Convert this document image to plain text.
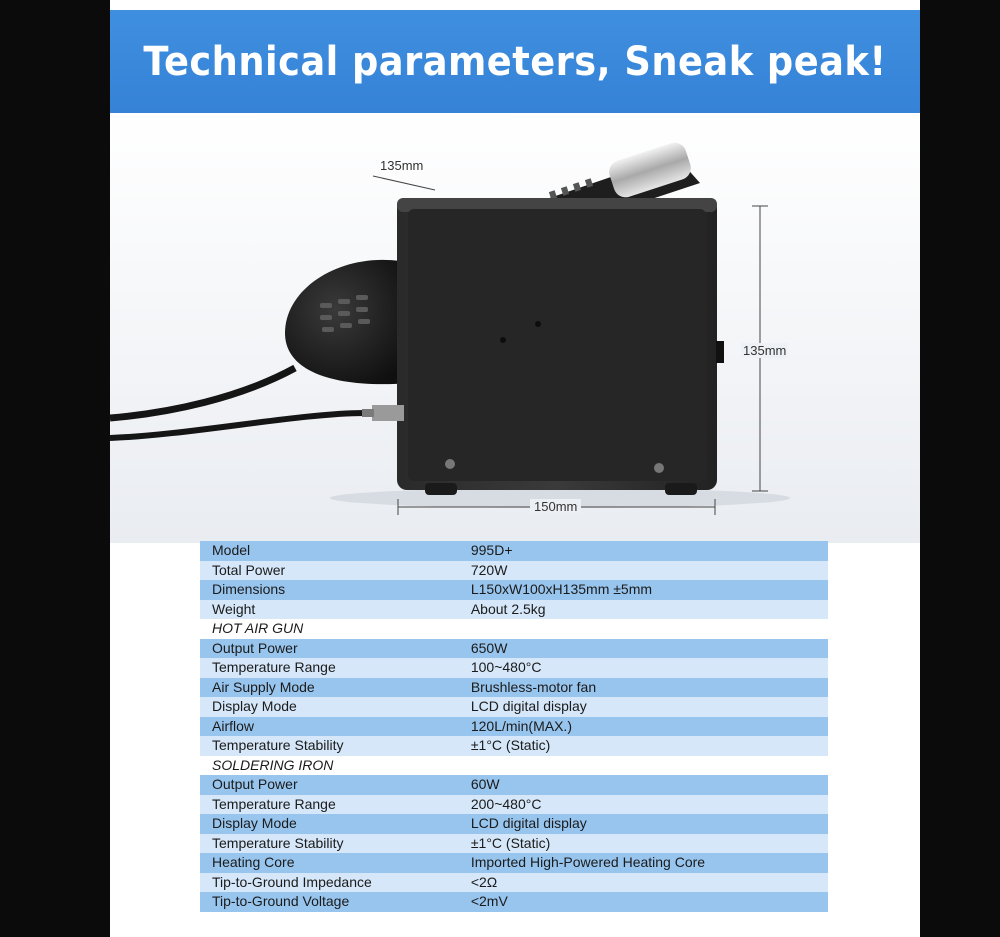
Technical parameters, Sneak peak!
135mm
135mm
150mm
Model	995D+
Total Power	720W
Dimensions	L150xW100xH135mm ±5mm
Weight	About 2.5kg
HOT AIR GUN	
Output Power	650W
Temperature Range	100~480°C
Air Supply Mode	Brushless-motor fan
Display Mode	LCD digital display
Airflow	120L/min(MAX.)
Temperature Stability	±1°C (Static)
SOLDERING IRON	
Output Power	60W
Temperature Range	200~480°C
Display Mode	LCD digital display
Temperature Stability	±1°C (Static)
Heating Core	Imported High-Powered Heating Core
Tip-to-Ground Impedance	<2Ω
Tip-to-Ground Voltage	<2mV
